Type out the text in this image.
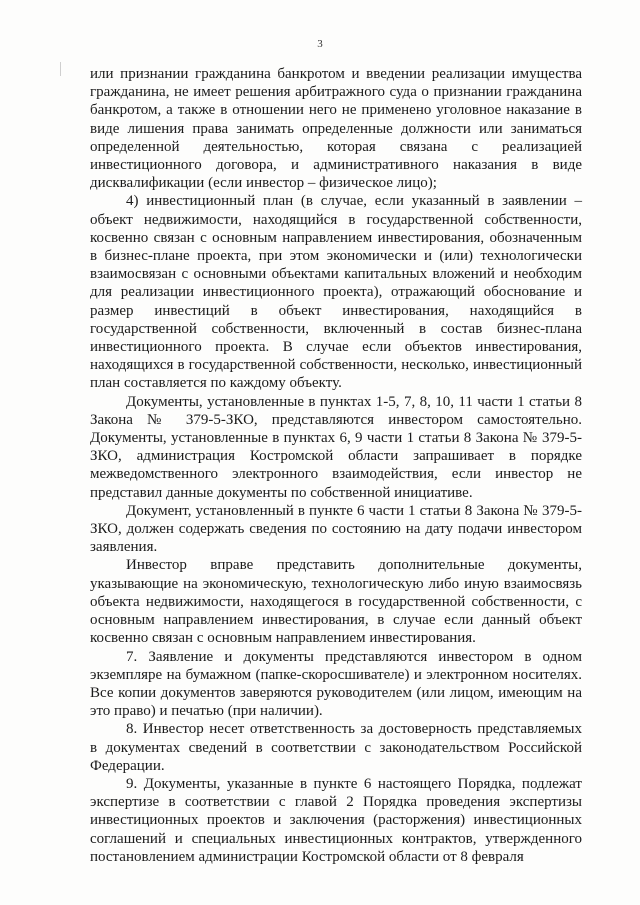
3

или признании гражданина банкротом и введении реализации имущества гражданина, не имеет решения арбитражного суда о признании гражданина банкротом, а также в отношении него не применено уголовное наказание в виде лишения права занимать определенные должности или заниматься определенной деятельностью, которая связана с реализацией инвестиционного договора, и административного наказания в виде дисквалификации (если инвестор – физическое лицо);

4) инвестиционный план (в случае, если указанный в заявлении – объект недвижимости, находящийся в государственной собственности, косвенно связан с основным направлением инвестирования, обозначенным в бизнес-плане проекта, при этом экономически и (или) технологически взаимосвязан с основными объектами капитальных вложений и необходим для реализации инвестиционного проекта), отражающий обоснование и размер инвестиций в объект инвестирования, находящийся в государственной собственности, включенный в состав бизнес-плана инвестиционного проекта. В случае если объектов инвестирования, находящихся в государственной собственности, несколько, инвестиционный план составляется по каждому объекту.

Документы, установленные в пунктах 1-5, 7, 8, 10, 11 части 1 статьи 8 Закона № 379-5-ЗКО, представляются инвестором самостоятельно. Документы, установленные в пунктах 6, 9 части 1 статьи 8 Закона № 379-5-ЗКО, администрация Костромской области запрашивает в порядке межведомственного электронного взаимодействия, если инвестор не представил данные документы по собственной инициативе.

Документ, установленный в пункте 6 части 1 статьи 8 Закона № 379-5-ЗКО, должен содержать сведения по состоянию на дату подачи инвестором заявления.

Инвестор вправе представить дополнительные документы, указывающие на экономическую, технологическую либо иную взаимосвязь объекта недвижимости, находящегося в государственной собственности, с основным направлением инвестирования, в случае если данный объект косвенно связан с основным направлением инвестирования.

7. Заявление и документы представляются инвестором в одном экземпляре на бумажном (папке-скоросшивателе) и электронном носителях. Все копии документов заверяются руководителем (или лицом, имеющим на это право) и печатью (при наличии).

8. Инвестор несет ответственность за достоверность представляемых в документах сведений в соответствии с законодательством Российской Федерации.

9. Документы, указанные в пункте 6 настоящего Порядка, подлежат экспертизе в соответствии с главой 2 Порядка проведения экспертизы инвестиционных проектов и заключения (расторжения) инвестиционных соглашений и специальных инвестиционных контрактов, утвержденного постановлением администрации Костромской области от 8 февраля
